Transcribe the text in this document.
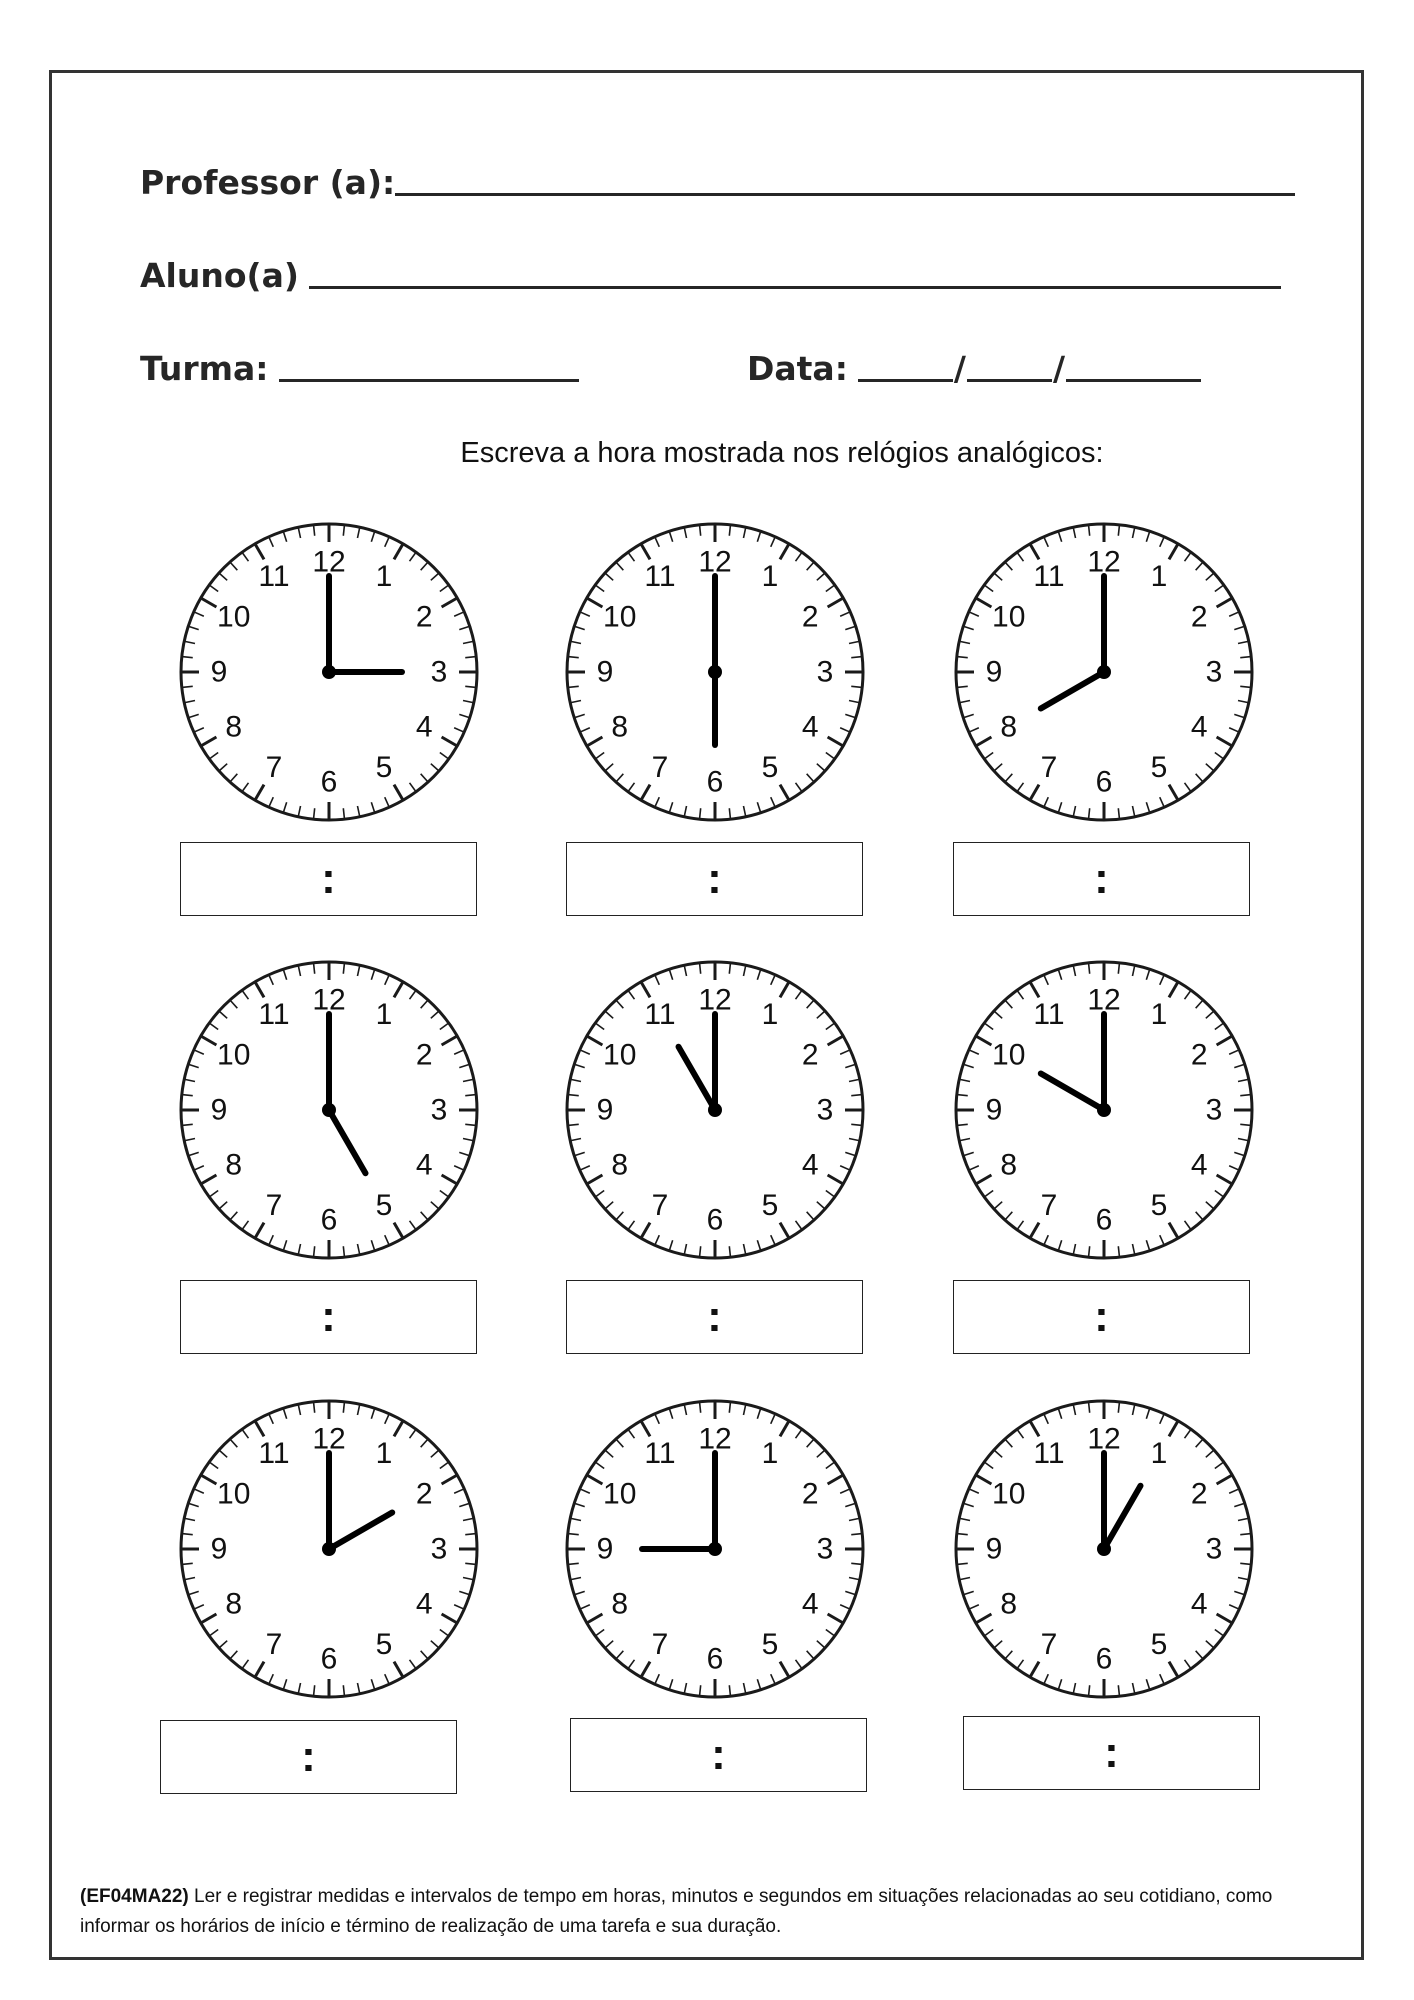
Professor (a):
Aluno(a)
Turma:	Data:	/	/
Escreva a hora mostrada nos relógios analógicos:
12 1
2
3
4
5
6
7
8
9
10
11
:
12 1
2
3
4
5
6
7
8
9
10
11
:
12 1
2
3
4
5
6
7
8
9
10
11
:
12 1
2
3
4
5
6
7
8
9
10
11
:
12 1
2
3
4
5
6
7
8
9
10
11
:
12 1
2
3
4
5
6
7
8
9
10
11
:
12 1
2
3
4
5
6
7
8
9
10
11
:
12 1
2
3
4
5
6
7
8
9
10
11
:
12 1
2
3
4
5
6
7
8
9
10
11
:
(EF04MA22) Ler e registrar medidas e intervalos de tempo em horas, minutos e segundos em situações relacionadas ao seu cotidiano, como informar os horários de início e término de realização de uma tarefa e sua duração.
